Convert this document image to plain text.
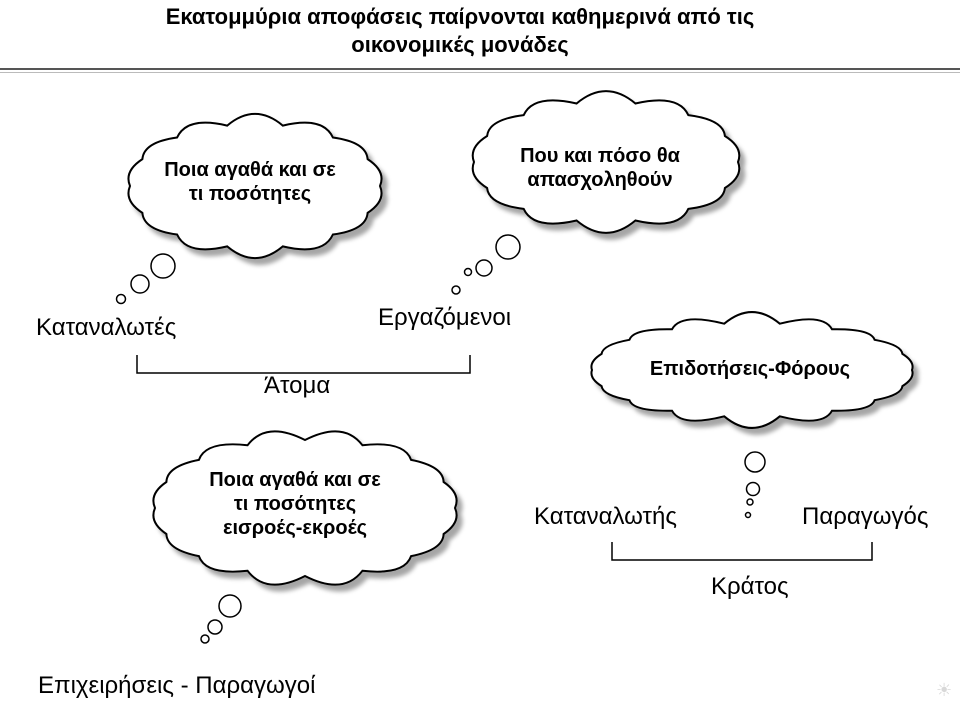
Εκατομμύρια αποφάσεις παίρνονται καθημερινά από τις
οικονομικές μονάδες
Ποια αγαθά και σε
τι ποσότητες
Που και πόσο θα
απασχοληθούν
Επιδοτήσεις-Φόρους
Ποια αγαθά και σε
τι ποσότητες
εισροές-εκροές
Καταναλωτές	Εργαζόμενοι
Άτομα
Καταναλωτής	Παραγωγός
Κράτος
Επιχειρήσεις - Παραγωγοί	☀
